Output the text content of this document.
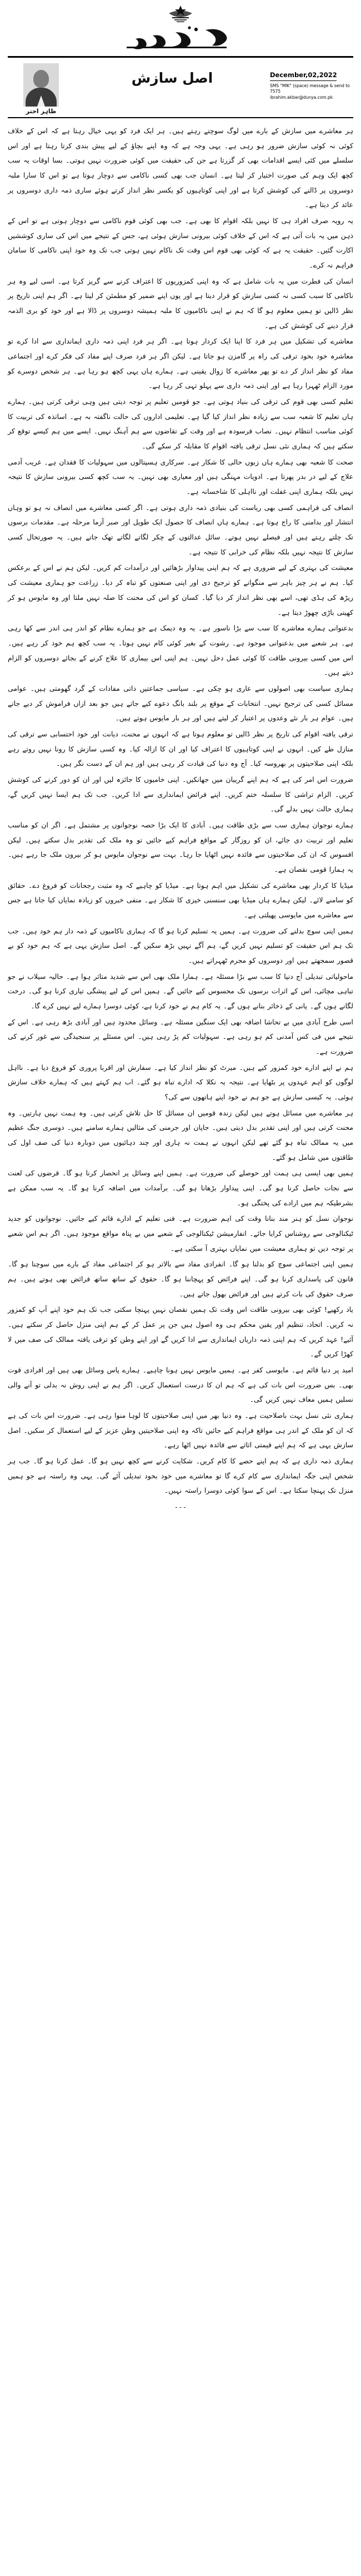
ظاہر اختر
اصل سازش	December,02,2022
SMS "MIK" (space) message & send to 7575
ibrahim.akbar@dunya.com.pk

ہر معاشرے میں سازش کے بارے میں لوگ سوچتے رہتے ہیں۔ ہر ایک فرد کو یہی خیال رہتا ہے کہ اس کے خلاف کوئی نہ کوئی سازش ضرور ہو رہی ہے۔ یہی وجہ ہے کہ وہ اپنے بچاؤ کے لیے پیش بندی کرتا رہتا ہے اور اس سلسلے میں کئی ایسے اقدامات بھی کر گزرتا ہے جن کی حقیقت میں کوئی ضرورت نہیں ہوتی۔ بسا اوقات یہ سب کچھ ایک وہم کی صورت اختیار کر لیتا ہے۔ انسان جب بھی کسی ناکامی سے دوچار ہوتا ہے تو اس کا سارا ملبہ دوسروں پر ڈالنے کی کوشش کرتا ہے اور اپنی کوتاہیوں کو یکسر نظر انداز کرتے ہوئے ساری ذمہ داری دوسروں پر عائد کر دیتا ہے۔

یہ رویہ صرف افراد ہی کا نہیں بلکہ اقوام کا بھی ہے۔ جب بھی کوئی قوم ناکامی سے دوچار ہوتی ہے تو اس کے ذہن میں یہ بات آتی ہے کہ اس کے خلاف کوئی بیرونی سازش ہوئی ہے، جس کے نتیجے میں اس کی ساری کوششیں اکارت گئیں۔ حقیقت یہ ہے کہ کوئی بھی قوم اس وقت تک ناکام نہیں ہوتی جب تک وہ خود اپنی ناکامی کا سامان فراہم نہ کرے۔

انسان کی فطرت میں یہ بات شامل ہے کہ وہ اپنی کمزوریوں کا اعتراف کرنے سے گریز کرتا ہے۔ اسی لیے وہ ہر ناکامی کا سبب کسی نہ کسی سازش کو قرار دیتا ہے اور یوں اپنے ضمیر کو مطمئن کر لیتا ہے۔ اگر ہم اپنی تاریخ پر نظر ڈالیں تو ہمیں معلوم ہو گا کہ ہم نے اپنی ناکامیوں کا ملبہ ہمیشہ دوسروں پر ڈالا ہے اور خود کو بری الذمہ قرار دینے کی کوشش کی ہے۔

معاشرے کی تشکیل میں ہر فرد کا اپنا ایک کردار ہوتا ہے۔ اگر ہر فرد اپنی ذمہ داری ایمانداری سے ادا کرے تو معاشرہ خود بخود ترقی کی راہ پر گامزن ہو جاتا ہے۔ لیکن اگر ہر فرد صرف اپنے مفاد کی فکر کرے اور اجتماعی مفاد کو نظر انداز کر دے تو پھر معاشرے کا زوال یقینی ہے۔ ہمارے ہاں یہی کچھ ہو رہا ہے۔ ہر شخص دوسرے کو مورد الزام ٹھہرا رہا ہے اور اپنی ذمہ داری سے پہلو تہی کر رہا ہے۔

تعلیم کسی بھی قوم کی ترقی کی بنیاد ہوتی ہے۔ جو قومیں تعلیم پر توجہ دیتی ہیں وہی ترقی کرتی ہیں۔ ہمارے ہاں تعلیم کا شعبہ سب سے زیادہ نظر انداز کیا گیا ہے۔ تعلیمی اداروں کی حالت ناگفتہ بہ ہے۔ اساتذہ کی تربیت کا کوئی مناسب انتظام نہیں۔ نصاب فرسودہ ہے اور وقت کے تقاضوں سے ہم آہنگ نہیں۔ ایسے میں ہم کیسے توقع کر سکتے ہیں کہ ہماری نئی نسل ترقی یافتہ اقوام کا مقابلہ کر سکے گی۔

صحت کا شعبہ بھی ہمارے ہاں زبوں حالی کا شکار ہے۔ سرکاری ہسپتالوں میں سہولیات کا فقدان ہے۔ غریب آدمی علاج کے لیے در بدر پھرتا ہے۔ ادویات مہنگی ہیں اور معیاری بھی نہیں۔ یہ سب کچھ کسی بیرونی سازش کا نتیجہ نہیں بلکہ ہماری اپنی غفلت اور نااہلی کا شاخسانہ ہے۔

انصاف کی فراہمی کسی بھی ریاست کی بنیادی ذمہ داری ہوتی ہے۔ اگر کسی معاشرے میں انصاف نہ ہو تو وہاں انتشار اور بدامنی کا راج ہوتا ہے۔ ہمارے ہاں انصاف کا حصول ایک طویل اور صبر آزما مرحلہ ہے۔ مقدمات برسوں تک چلتے رہتے ہیں اور فیصلے نہیں ہوتے۔ سائل عدالتوں کے چکر لگاتے لگاتے تھک جاتے ہیں۔ یہ صورتحال کسی سازش کا نتیجہ نہیں بلکہ نظام کی خرابی کا نتیجہ ہے۔

معیشت کی بہتری کے لیے ضروری ہے کہ ہم اپنی پیداوار بڑھائیں اور درآمدات کم کریں۔ لیکن ہم نے اس کے برعکس کیا۔ ہم نے ہر چیز باہر سے منگوانے کو ترجیح دی اور اپنی صنعتوں کو تباہ کر دیا۔ زراعت جو ہماری معیشت کی ریڑھ کی ہڈی تھی، اسے بھی نظر انداز کر دیا گیا۔ کسان کو اس کی محنت کا صلہ نہیں ملتا اور وہ مایوس ہو کر کھیتی باڑی چھوڑ دیتا ہے۔

بدعنوانی ہمارے معاشرے کا سب سے بڑا ناسور ہے۔ یہ وہ دیمک ہے جو ہمارے نظام کو اندر ہی اندر سے کھا رہی ہے۔ ہر شعبے میں بدعنوانی موجود ہے۔ رشوت کے بغیر کوئی کام نہیں ہوتا۔ یہ سب کچھ ہم خود کر رہے ہیں۔ اس میں کسی بیرونی طاقت کا کوئی عمل دخل نہیں۔ ہم اپنی اس بیماری کا علاج کرنے کے بجائے دوسروں کو الزام دیتے ہیں۔

ہماری سیاست بھی اصولوں سے عاری ہو چکی ہے۔ سیاسی جماعتیں ذاتی مفادات کے گرد گھومتی ہیں۔ عوامی مسائل کسی کی ترجیح نہیں۔ انتخابات کے موقع پر بلند بانگ دعوے کیے جاتے ہیں جو بعد ازاں فراموش کر دیے جاتے ہیں۔ عوام ہر بار نئے وعدوں پر اعتبار کر لیتے ہیں اور ہر بار مایوس ہوتے ہیں۔

ترقی یافتہ اقوام کی تاریخ پر نظر ڈالیں تو معلوم ہوتا ہے کہ انہوں نے محنت، دیانت اور خود احتسابی سے ترقی کی منازل طے کیں۔ انہوں نے اپنی کوتاہیوں کا اعتراف کیا اور ان کا ازالہ کیا۔ وہ کسی سازش کا رونا نہیں روتے رہے بلکہ اپنی صلاحیتوں پر بھروسہ کیا۔ آج وہ دنیا کی قیادت کر رہی ہیں اور ہم ان کے دست نگر ہیں۔

ضرورت اس امر کی ہے کہ ہم اپنے گریبان میں جھانکیں۔ اپنی خامیوں کا جائزہ لیں اور ان کو دور کرنے کی کوشش کریں۔ الزام تراشی کا سلسلہ ختم کریں۔ اپنے فرائض ایمانداری سے ادا کریں۔ جب تک ہم ایسا نہیں کریں گے، ہماری حالت نہیں بدلے گی۔

ہمارے نوجوان ہماری سب سے بڑی طاقت ہیں۔ آبادی کا ایک بڑا حصہ نوجوانوں پر مشتمل ہے۔ اگر ان کو مناسب تعلیم اور تربیت دی جائے، ان کو روزگار کے مواقع فراہم کیے جائیں تو وہ ملک کی تقدیر بدل سکتے ہیں۔ لیکن افسوس کہ ان کی صلاحیتوں سے فائدہ نہیں اٹھایا جا رہا۔ بہت سے نوجوان مایوس ہو کر بیرون ملک جا رہے ہیں۔ یہ ہمارا قومی نقصان ہے۔

میڈیا کا کردار بھی معاشرے کی تشکیل میں اہم ہوتا ہے۔ میڈیا کو چاہیے کہ وہ مثبت رجحانات کو فروغ دے۔ حقائق کو سامنے لائے۔ لیکن ہمارے ہاں میڈیا بھی سنسنی خیزی کا شکار ہے۔ منفی خبروں کو زیادہ نمایاں کیا جاتا ہے جس سے معاشرے میں مایوسی پھیلتی ہے۔

ہمیں اپنی سوچ بدلنے کی ضرورت ہے۔ ہمیں یہ تسلیم کرنا ہو گا کہ ہماری ناکامیوں کے ذمہ دار ہم خود ہیں۔ جب تک ہم اس حقیقت کو تسلیم نہیں کریں گے، ہم آگے نہیں بڑھ سکیں گے۔ اصل سازش یہی ہے کہ ہم خود کو بے قصور سمجھتے ہیں اور دوسروں کو مجرم ٹھہراتے ہیں۔

ماحولیاتی تبدیلی آج دنیا کا سب سے بڑا مسئلہ ہے۔ ہمارا ملک بھی اس سے شدید متاثر ہوا ہے۔ حالیہ سیلاب نے جو تباہی مچائی، اس کے اثرات برسوں تک محسوس کیے جائیں گے۔ ہمیں اس کے لیے پیشگی تیاری کرنا ہو گی۔ درخت لگانے ہوں گے۔ پانی کے ذخائر بنانے ہوں گے۔ یہ کام ہم نے خود کرنا ہے، کوئی دوسرا ہمارے لیے نہیں کرے گا۔

اسی طرح آبادی میں بے تحاشا اضافہ بھی ایک سنگین مسئلہ ہے۔ وسائل محدود ہیں اور آبادی بڑھ رہی ہے۔ اس کے نتیجے میں فی کس آمدنی کم ہو رہی ہے۔ سہولیات کم پڑ رہی ہیں۔ اس مسئلے پر سنجیدگی سے غور کرنے کی ضرورت ہے۔

ہم نے اپنے ادارے خود کمزور کیے ہیں۔ میرٹ کو نظر انداز کیا ہے۔ سفارش اور اقربا پروری کو فروغ دیا ہے۔ نااہل لوگوں کو اہم عہدوں پر بٹھایا ہے۔ نتیجہ یہ نکلا کہ ادارے تباہ ہو گئے۔ اب ہم کہتے ہیں کہ ہمارے خلاف سازش ہوئی۔ یہ کیسی سازش ہے جو ہم نے خود اپنے ہاتھوں سے کی؟

ہر معاشرے میں مسائل ہوتے ہیں لیکن زندہ قومیں ان مسائل کا حل تلاش کرتی ہیں۔ وہ ہمت نہیں ہارتیں۔ وہ محنت کرتی ہیں اور اپنی تقدیر بدل دیتی ہیں۔ جاپان اور جرمنی کی مثالیں ہمارے سامنے ہیں۔ دوسری جنگ عظیم میں یہ ممالک تباہ ہو گئے تھے لیکن انہوں نے ہمت نہ ہاری اور چند دہائیوں میں دوبارہ دنیا کی صف اول کی طاقتوں میں شامل ہو گئے۔

ہمیں بھی ایسی ہی ہمت اور حوصلے کی ضرورت ہے۔ ہمیں اپنے وسائل پر انحصار کرنا ہو گا۔ قرضوں کی لعنت سے نجات حاصل کرنا ہو گی۔ اپنی پیداوار بڑھانا ہو گی۔ برآمدات میں اضافہ کرنا ہو گا۔ یہ سب ممکن ہے بشرطیکہ ہم میں ارادے کی پختگی ہو۔

نوجوان نسل کو ہنر مند بنانا وقت کی اہم ضرورت ہے۔ فنی تعلیم کے ادارے قائم کیے جائیں۔ نوجوانوں کو جدید ٹیکنالوجی سے روشناس کرایا جائے۔ انفارمیشن ٹیکنالوجی کے شعبے میں بے پناہ مواقع موجود ہیں۔ اگر ہم اس شعبے پر توجہ دیں تو ہماری معیشت میں نمایاں بہتری آ سکتی ہے۔

ہمیں اپنی اجتماعی سوچ کو بدلنا ہو گا۔ انفرادی مفاد سے بالاتر ہو کر اجتماعی مفاد کے بارے میں سوچنا ہو گا۔ قانون کی پاسداری کرنا ہو گی۔ اپنے فرائض کو پہچاننا ہو گا۔ حقوق کے ساتھ ساتھ فرائض بھی ہوتے ہیں۔ ہم صرف حقوق کی بات کرتے ہیں اور فرائض بھول جاتے ہیں۔

یاد رکھیے! کوئی بھی بیرونی طاقت اس وقت تک ہمیں نقصان نہیں پہنچا سکتی جب تک ہم خود اپنے آپ کو کمزور نہ کریں۔ اتحاد، تنظیم اور یقین محکم ہی وہ اصول ہیں جن پر عمل کر کے ہم اپنی منزل حاصل کر سکتے ہیں۔ آئیے! عہد کریں کہ ہم اپنی ذمہ داریاں ایمانداری سے ادا کریں گے اور اپنے وطن کو ترقی یافتہ ممالک کی صف میں لا کھڑا کریں گے۔

امید پر دنیا قائم ہے۔ مایوسی کفر ہے۔ ہمیں مایوس نہیں ہونا چاہیے۔ ہمارے پاس وسائل بھی ہیں اور افرادی قوت بھی۔ بس ضرورت اس بات کی ہے کہ ہم ان کا درست استعمال کریں۔ اگر ہم نے اپنی روش نہ بدلی تو آنے والی نسلیں ہمیں معاف نہیں کریں گی۔

ہماری نئی نسل بہت باصلاحیت ہے۔ وہ دنیا بھر میں اپنی صلاحیتوں کا لوہا منوا رہی ہے۔ ضرورت اس بات کی ہے کہ ان کو ملک کے اندر ہی مواقع فراہم کیے جائیں تاکہ وہ اپنی صلاحیتیں وطن عزیز کے لیے استعمال کر سکیں۔ اصل سازش یہی ہے کہ ہم اپنے قیمتی اثاثے سے فائدہ نہیں اٹھا رہے۔

ہماری ذمہ داری ہے کہ ہم اپنے حصے کا کام کریں۔ شکایت کرنے سے کچھ نہیں ہو گا۔ عمل کرنا ہو گا۔ جب ہر شخص اپنی جگہ ایمانداری سے کام کرے گا تو معاشرے میں خود بخود تبدیلی آئے گی۔ یہی وہ راستہ ہے جو ہمیں منزل تک پہنچا سکتا ہے۔ اس کے سوا کوئی دوسرا راستہ نہیں۔

۔۔۔
